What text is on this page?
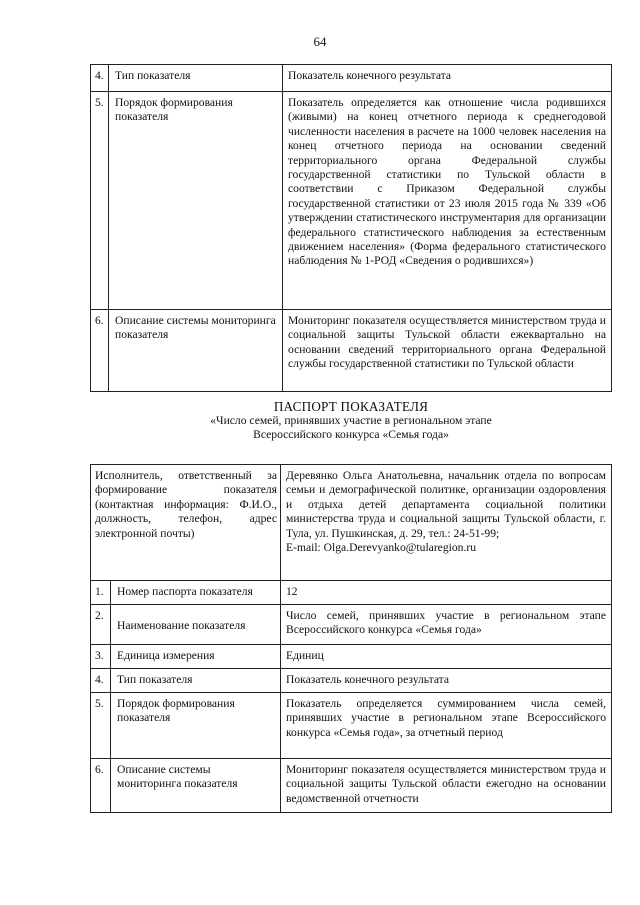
64
4.	Тип показателя	Показатель конечного результата
5.	Порядок формирования показателя	Показатель определяется как отношение числа родившихся (живыми) на конец отчетного периода к среднегодовой численности населения в расчете на 1000 человек населения на конец отчетного периода на основании сведений территориального органа Федеральной службы государственной статистики по Тульской области в соответствии с Приказом Федеральной службы государственной статистики от 23 июля 2015 года № 339 «Об утверждении статистического инструментария для организации федерального статистического наблюдения за естественным движением населения» (Форма федерального статистического наблюдения № 1-РОД «Сведения о родившихся»)
6.	Описание системы мониторинга показателя	Мониторинг показателя осуществляется министерством труда и социальной защиты Тульской области ежеквартально на основании сведений территориального органа Федеральной службы государственной статистики по Тульской области
ПАСПОРТ ПОКАЗАТЕЛЯ
«Число семей, принявших участие в региональном этапе
Всероссийского конкурса «Семья года»
Исполнитель, ответственный за формирование показателя (контактная информация: Ф.И.О., должность, телефон, адрес электронной почты)		Деревянко Ольга Анатольевна, начальник отдела по вопросам семьи и демографической политике, организации оздоровления и отдыха детей департамента социальной политики министерства труда и социальной защиты Тульской области, г. Тула, ул. Пушкинская, д. 29, тел.: 24-51-99;
E-mail: Olga.Derevyanko@tularegion.ru

1.	Номер паспорта показателя	12
2.	Наименование показателя	Число семей, принявших участие в региональном этапе Всероссийского конкурса «Семья года»
3.	Единица измерения	Единиц
4.	Тип показателя	Показатель конечного результата
5.	Порядок формирования показателя	Показатель определяется суммированием числа семей, принявших участие в региональном этапе Всероссийского конкурса «Семья года», за отчетный период
6.	Описание системы мониторинга показателя	Мониторинг показателя осуществляется министерством труда и социальной защиты Тульской области ежегодно на основании ведомственной отчетности
